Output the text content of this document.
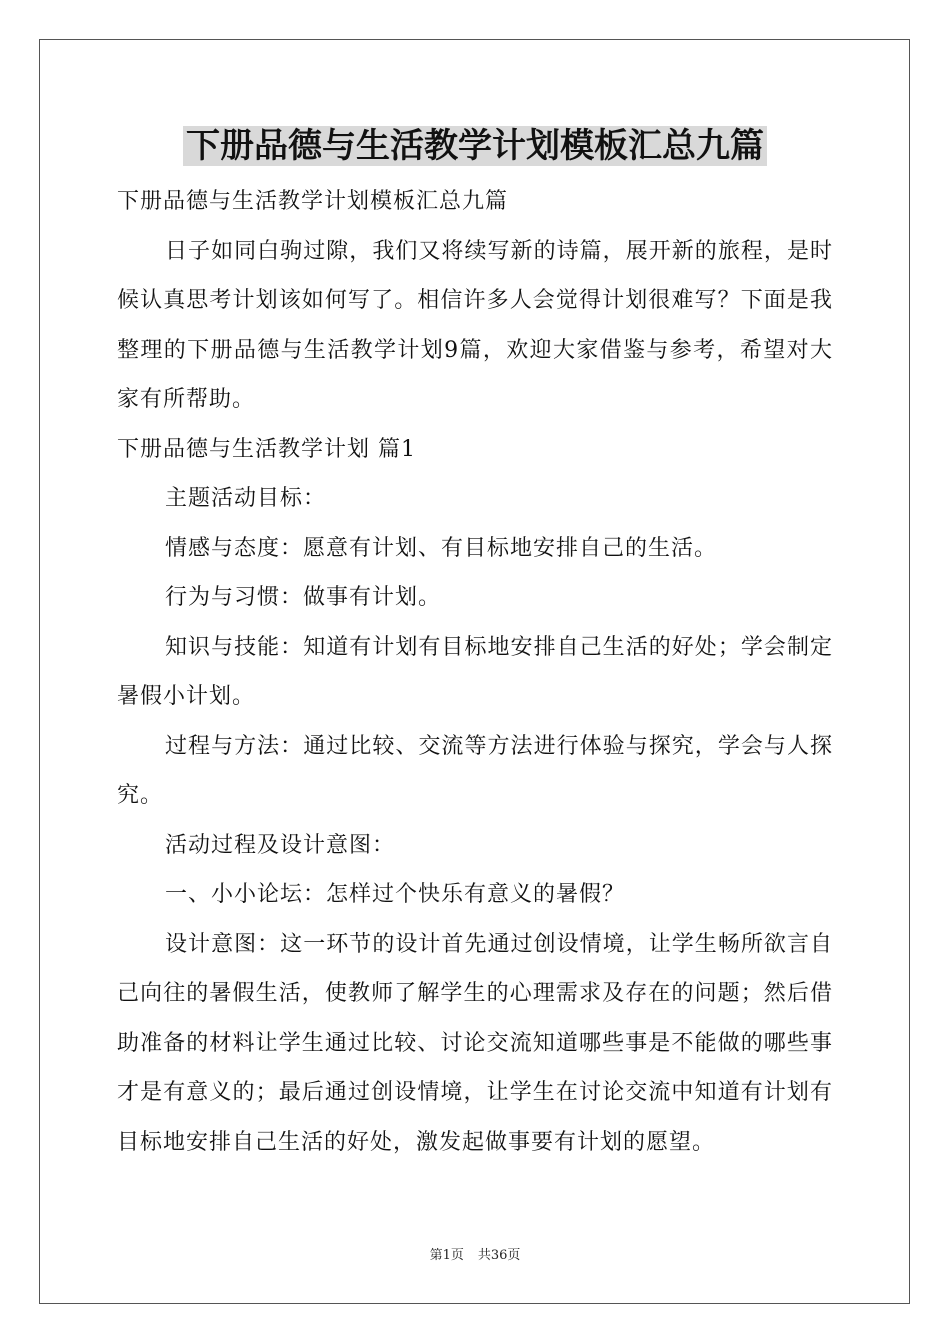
下册品德与生活教学计划模板汇总九篇

下册品德与生活教学计划模板汇总九篇

日子如同白驹过隙，我们又将续写新的诗篇，展开新的旅程，是时候认真思考计划该如何写了。相信许多人会觉得计划很难写？下面是我整理的下册品德与生活教学计划9篇，欢迎大家借鉴与参考，希望对大家有所帮助。

下册品德与生活教学计划 篇1

主题活动目标：

情感与态度：愿意有计划、有目标地安排自己的生活。

行为与习惯：做事有计划。

知识与技能：知道有计划有目标地安排自己生活的好处；学会制定暑假小计划。

过程与方法：通过比较、交流等方法进行体验与探究，学会与人探究。

活动过程及设计意图：

一、小小论坛：怎样过个快乐有意义的暑假？

设计意图：这一环节的设计首先通过创设情境，让学生畅所欲言自己向往的暑假生活，使教师了解学生的心理需求及存在的问题；然后借助准备的材料让学生通过比较、讨论交流知道哪些事是不能做的哪些事才是有意义的；最后通过创设情境，让学生在讨论交流中知道有计划有目标地安排自己生活的好处，激发起做事要有计划的愿望。

第1页 共36页
